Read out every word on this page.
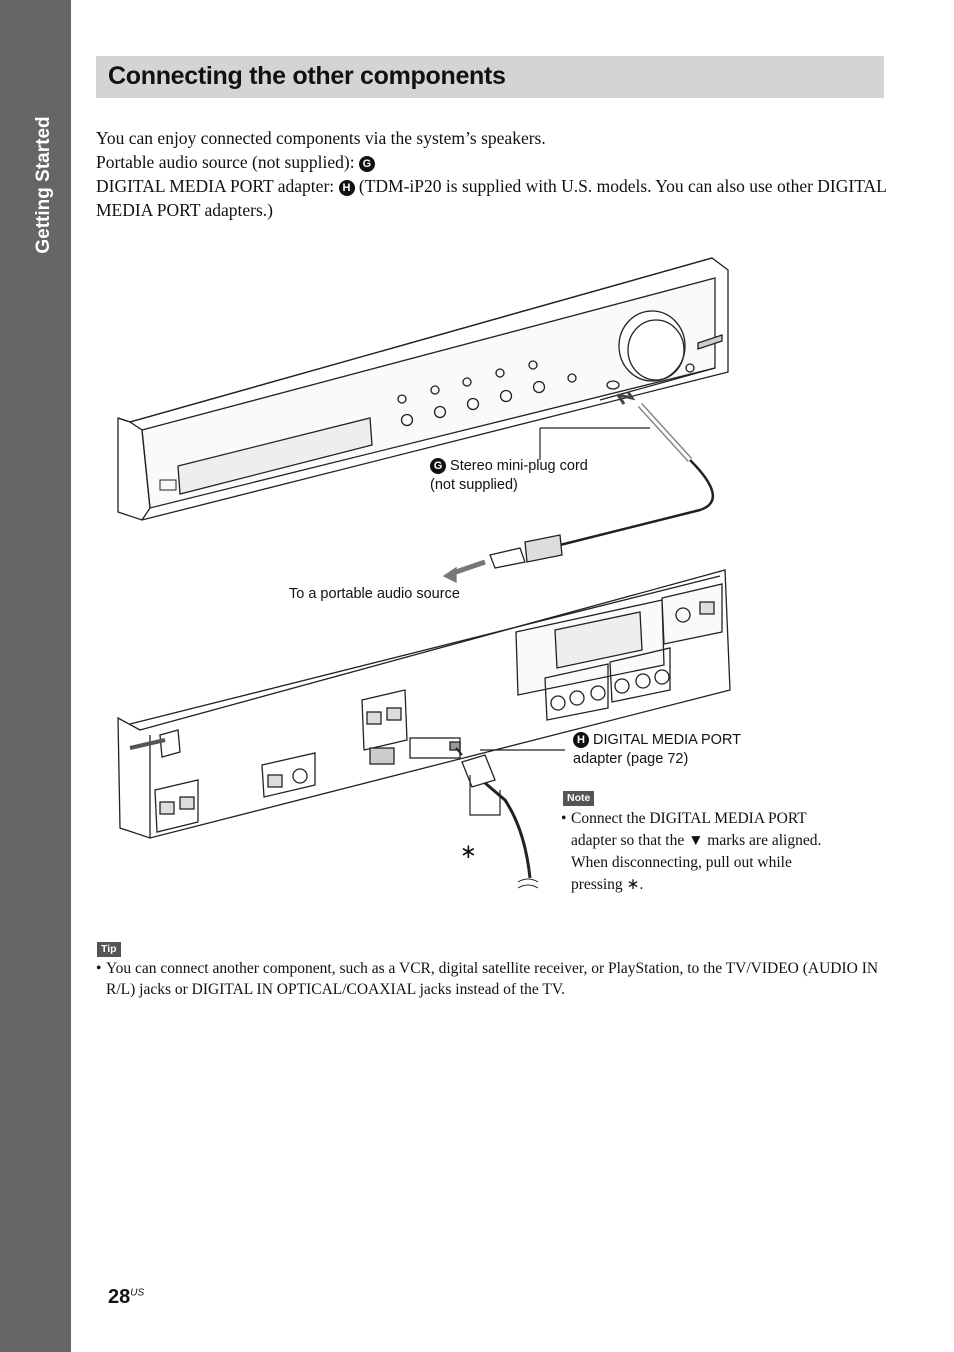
Getting Started
Connecting the other components

You can enjoy connected components via the system’s speakers.

Portable audio source (not supplied): G

DIGITAL MEDIA PORT adapter: H (TDM-iP20 is supplied with U.S. models. You can also use other DIGITAL MEDIA PORT adapters.)

G Stereo mini-plug cord
(not supplied)
To a portable audio source
H DIGITAL MEDIA PORT
adapter (page 72)
∗
Note
• Connect the DIGITAL MEDIA PORT
adapter so that the ▼ marks are aligned.
When disconnecting, pull out while
pressing ∗.
Tip
• You can connect another component, such as a VCR, digital satellite receiver, or PlayStation, to the TV/VIDEO (AUDIO IN R/L) jacks or DIGITAL IN OPTICAL/COAXIAL jacks instead of the TV.
$28^{US}$
